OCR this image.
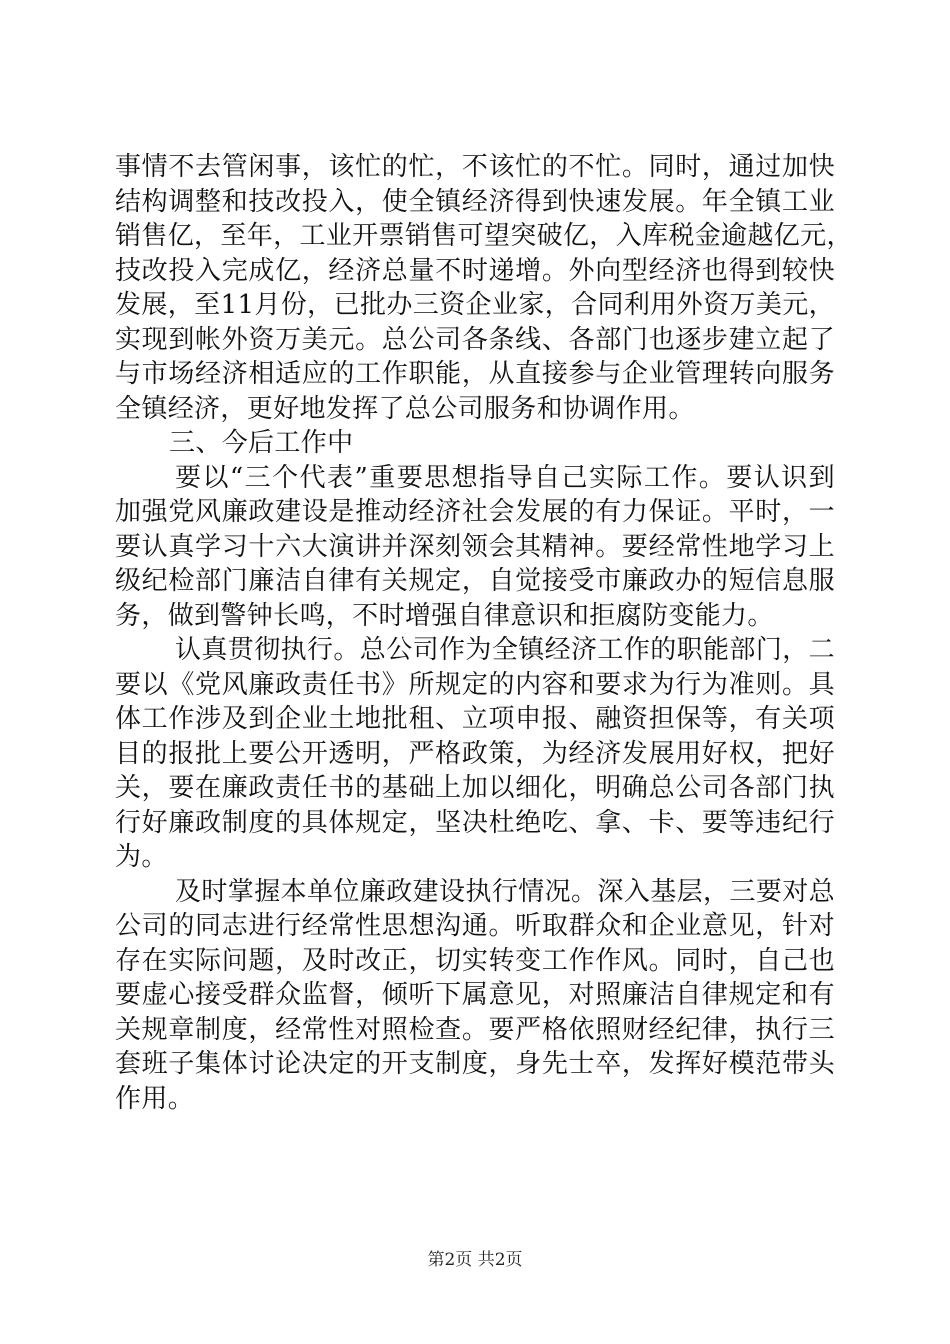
事情不去管闲事，该忙的忙，不该忙的不忙。同时，通过加快
结构调整和技改投入，使全镇经济得到快速发展。年全镇工业
销售亿，至年，工业开票销售可望突破亿，入库税金逾越亿元，
技改投入完成亿，经济总量不时递增。外向型经济也得到较快
发展，至11月份，已批办三资企业家，合同利用外资万美元，
实现到帐外资万美元。总公司各条线、各部门也逐步建立起了
与市场经济相适应的工作职能，从直接参与企业管理转向服务
全镇经济，更好地发挥了总公司服务和协调作用。
三、今后工作中
要以“三个代表”重要思想指导自己实际工作。要认识到
加强党风廉政建设是推动经济社会发展的有力保证。平时，一
要认真学习十六大演讲并深刻领会其精神。要经常性地学习上
级纪检部门廉洁自律有关规定，自觉接受市廉政办的短信息服
务，做到警钟长鸣，不时增强自律意识和拒腐防变能力。
认真贯彻执行。总公司作为全镇经济工作的职能部门，二
要以《党风廉政责任书》所规定的内容和要求为行为准则。具
体工作涉及到企业土地批租、立项申报、融资担保等，有关项
目的报批上要公开透明，严格政策，为经济发展用好权，把好
关，要在廉政责任书的基础上加以细化，明确总公司各部门执
行好廉政制度的具体规定，坚决杜绝吃、拿、卡、要等违纪行
为。
及时掌握本单位廉政建设执行情况。深入基层，三要对总
公司的同志进行经常性思想沟通。听取群众和企业意见，针对
存在实际问题，及时改正，切实转变工作作风。同时，自己也
要虚心接受群众监督，倾听下属意见，对照廉洁自律规定和有
关规章制度，经常性对照检查。要严格依照财经纪律，执行三
套班子集体讨论决定的开支制度，身先士卒，发挥好模范带头
作用。
第2页 共2页
